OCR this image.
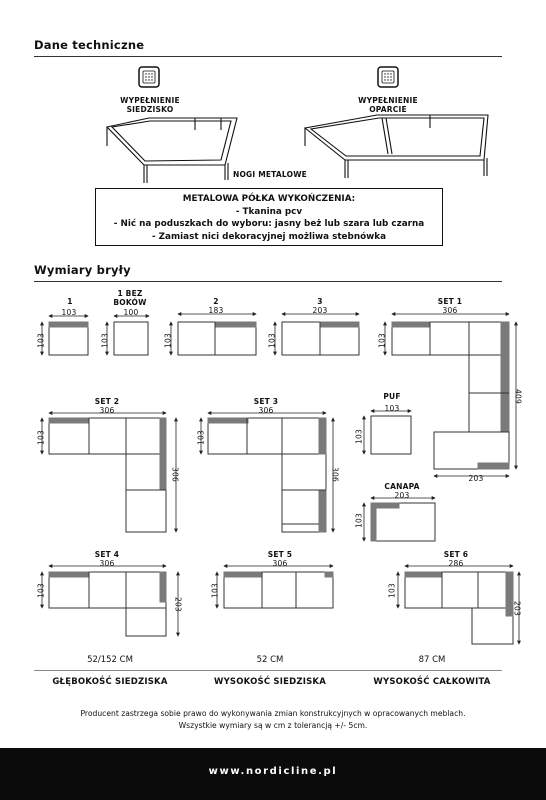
Dane techniczne
WYPEŁNIENIE
SIEDZISKO
WYPEŁNIENIE
OPARCIE
NOGI METALOWE
METALOWA PÓŁKA WYKOŃCZENIA:
- Tkanina pcv
- Nić na poduszkach do wyboru: jasny beż lub szara lub czarna
- Zamiast nici dekoracyjnej możliwa stebnówka
Wymiary bryły
1
1 BEZ
BOKÓW	2	3	SET 1
SET 2	SET 3
PUF
CANAPA
SET 4	SET 5	SET 6
103	100	183	203	306
306	306	103
203
306	306	286
203
103	103	103	103	103
409
103
306
103
306
103
103
103
203
103	103
203
52/152 CM	52 CM	87 CM
GŁĘBOKOŚĆ SIEDZISKA	WYSOKOŚĆ SIEDZISKA	WYSOKOŚĆ CAŁKOWITA
Producent zastrzega sobie prawo do wykonywania zmian konstrukcyjnych w opracowanych meblach.
Wszystkie wymiary są w cm z tolerancją +/- 5cm.
www.nordicline.pl
